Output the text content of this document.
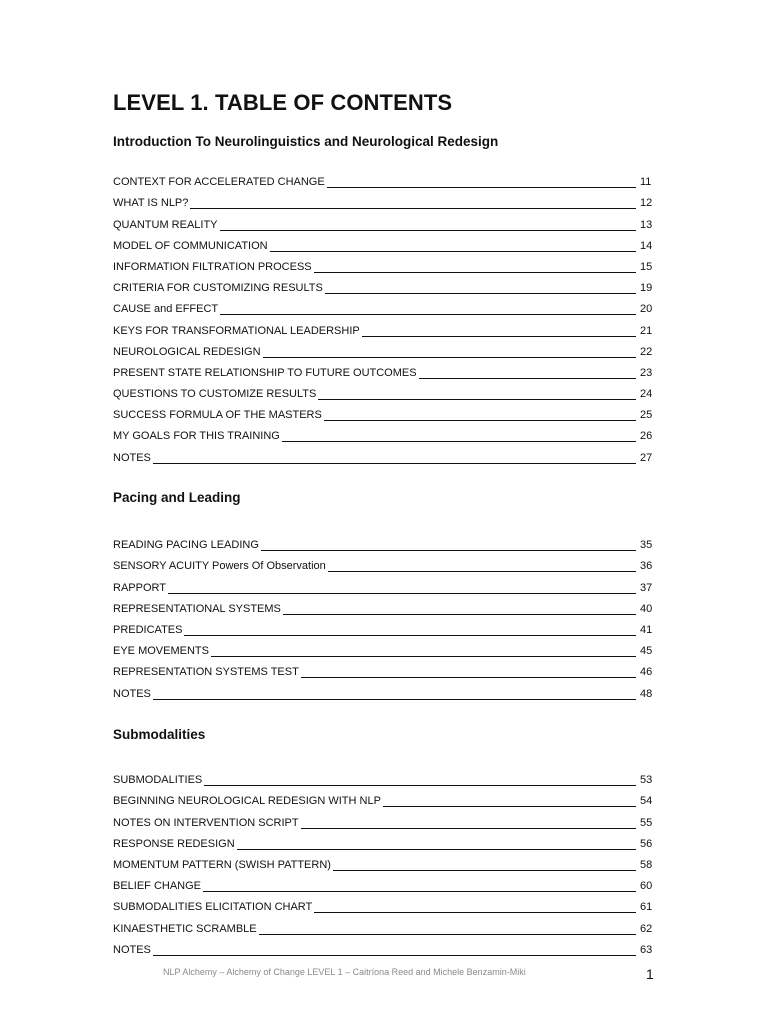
LEVEL 1. TABLE OF CONTENTS
Introduction To Neurolinguistics and Neurological Redesign
CONTEXT FOR ACCELERATED CHANGE	11
WHAT IS NLP?	12
QUANTUM REALITY	13
MODEL OF COMMUNICATION	14
INFORMATION FILTRATION PROCESS	15
CRITERIA FOR CUSTOMIZING RESULTS	19
CAUSE and EFFECT	20
KEYS FOR TRANSFORMATIONAL LEADERSHIP	21
NEUROLOGICAL REDESIGN	22
PRESENT STATE RELATIONSHIP TO FUTURE OUTCOMES	23
QUESTIONS TO CUSTOMIZE RESULTS	24
SUCCESS FORMULA OF THE MASTERS	25
MY GOALS FOR THIS TRAINING	26
NOTES	27
Pacing and Leading
READING PACING LEADING	35
SENSORY ACUITY Powers Of Observation	36
RAPPORT	37
REPRESENTATIONAL SYSTEMS	40
PREDICATES	41
EYE MOVEMENTS	45
REPRESENTATION SYSTEMS TEST	46
NOTES	48
Submodalities
SUBMODALITIES	53
BEGINNING NEUROLOGICAL REDESIGN WITH NLP	54
NOTES ON INTERVENTION SCRIPT	55
RESPONSE REDESIGN	56
MOMENTUM PATTERN (SWISH PATTERN)	58
BELIEF CHANGE	60
SUBMODALITIES ELICITATION CHART	61
KINAESTHETIC SCRAMBLE	62
NOTES	63
NLP Alchemy – Alchemy of Change LEVEL 1 – Caitríona Reed and Michele Benzamin-Miki	1
